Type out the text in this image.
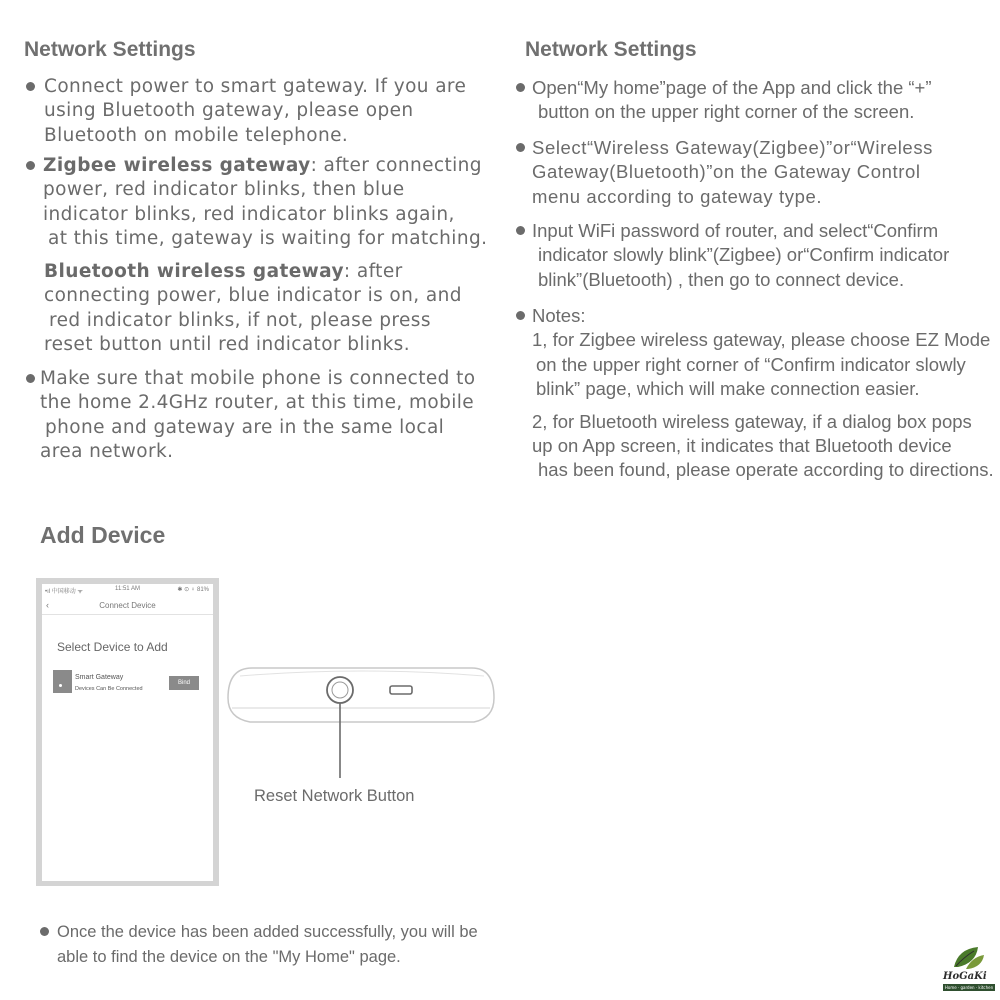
Network Settings

Connect power to smart gateway. If you are

using Bluetooth gateway, please open

Bluetooth on mobile telephone.

Zigbee wireless gateway: after connecting

power, red indicator blinks, then blue

indicator blinks, red indicator blinks again,

at this time, gateway is waiting for matching.

Bluetooth wireless gateway: after

connecting power, blue indicator is on, and

red indicator blinks, if not, please press

reset button until red indicator blinks.

Make sure that mobile phone is connected to

the home 2.4GHz router, at this time, mobile

phone and gateway are in the same local

area network.

Network Settings

Open“My home”page of the App and click the “+”

button on the upper right corner of the screen.

Select“Wireless Gateway(Zigbee)”or“Wireless

Gateway(Bluetooth)”on the Gateway Control

menu according to gateway type.

Input WiFi password of router, and select“Confirm

indicator slowly blink”(Zigbee) or“Confirm indicator

blink”(Bluetooth) , then go to connect device.

Notes:

1, for Zigbee wireless gateway, please choose EZ Mode

on the upper right corner of “Confirm indicator slowly

blink” page, which will make connection easier.

2, for Bluetooth wireless gateway, if a dialog box pops

up on App screen, it indicates that Bluetooth device

has been found, please operate according to directions.

Add Device
•ıl 中国移动 ᯤ	11:51 AM	✱ ⊙ ♀ 81%
‹	Connect Device
Select Device to Add
Smart Gateway
Devices Can Be Connected
Bind
Reset Network Button

Once the device has been added successfully, you will be

able to find the device on the "My Home" page.

HoGaKi
Home · garden · kitchen
